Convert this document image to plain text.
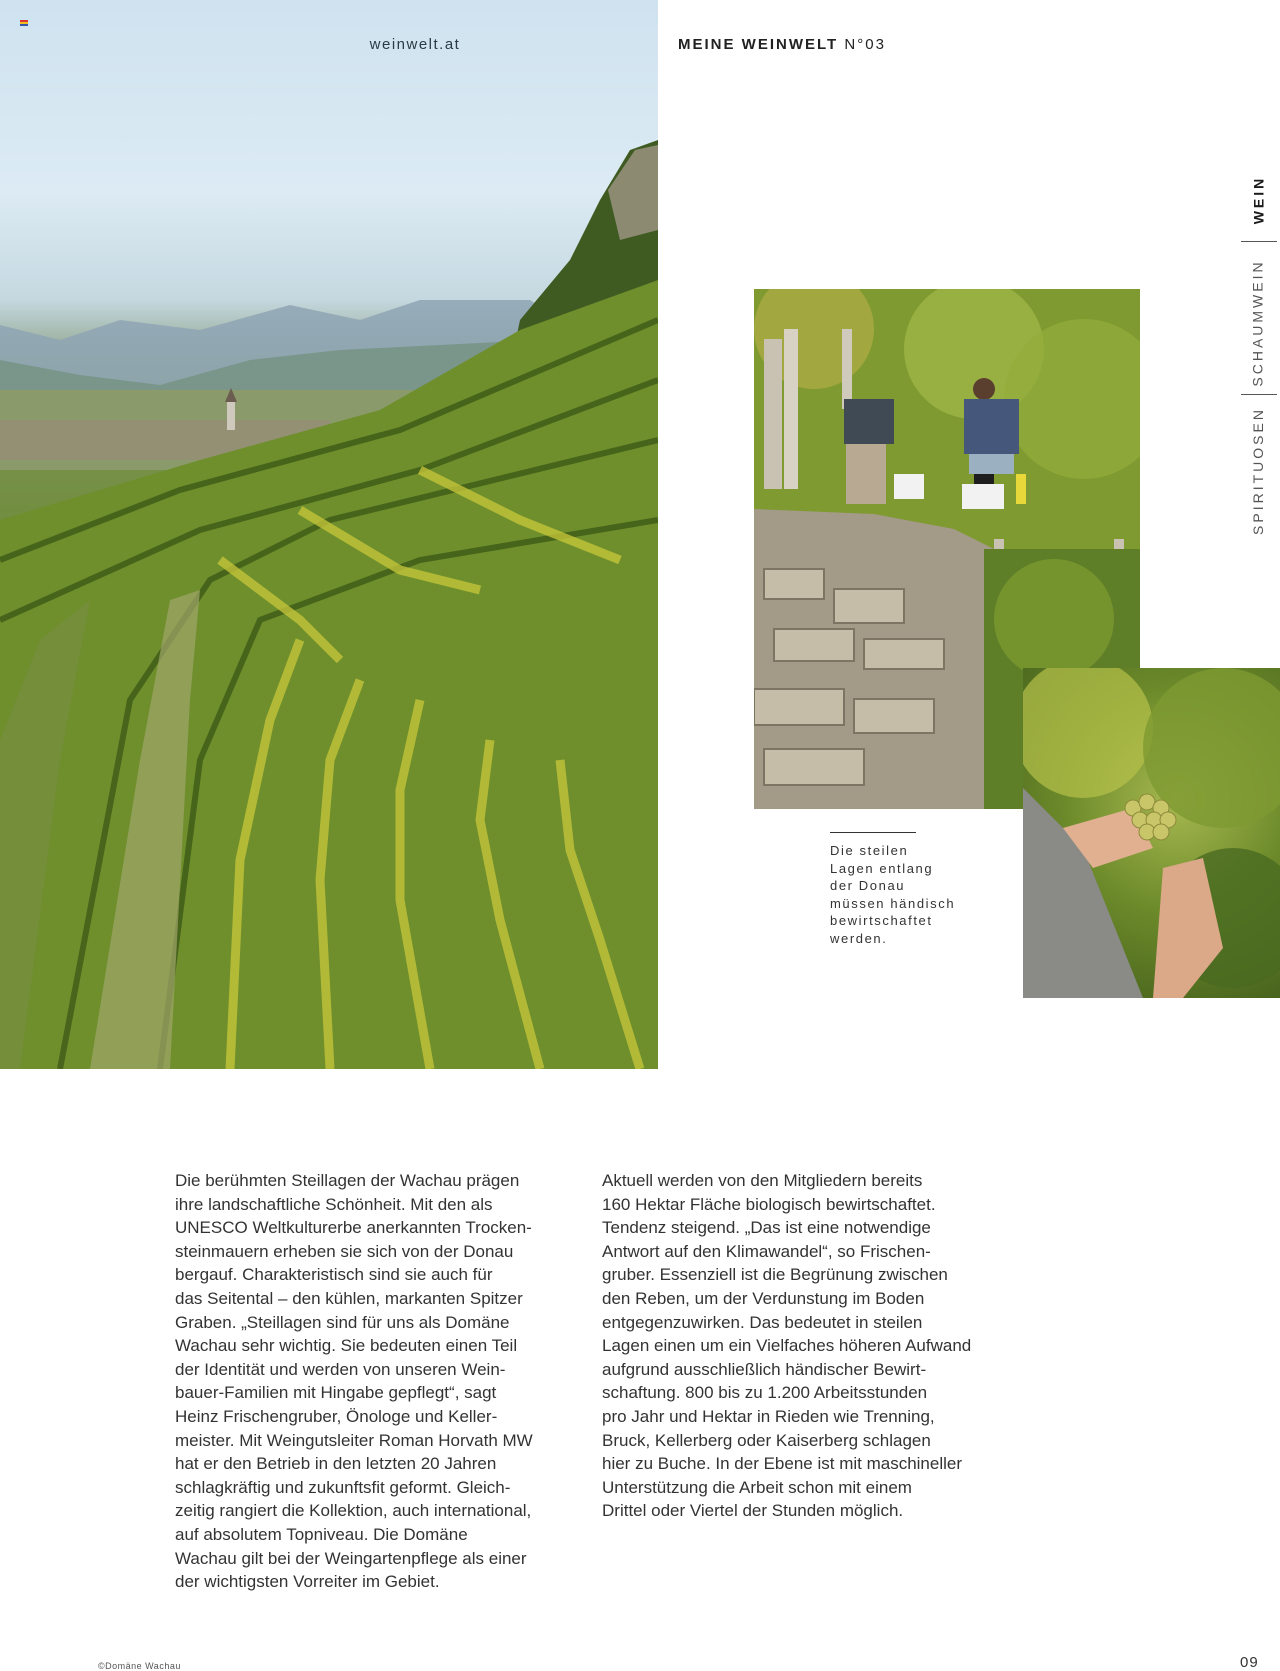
weinwelt.at	MEINE WEINWELT N°03
WEIN
SCHAUMWEIN
SPIRITUOSEN
Die steilen
Lagen entlang
der Donau
müssen händisch
bewirtschaftet
werden.
Die berühmten Steillagen der Wachau prägen
ihre landschaftliche Schönheit. Mit den als
UNESCO Weltkulturerbe anerkannten Trocken-
steinmauern erheben sie sich von der Donau
bergauf. Charakteristisch sind sie auch für
das Seitental – den kühlen, markanten Spitzer
Graben. „Steillagen sind für uns als Domäne
Wachau sehr wichtig. Sie bedeuten einen Teil
der Identität und werden von unseren Wein-
bauer-Familien mit Hingabe gepflegt“, sagt
Heinz Frischengruber, Önologe und Keller-
meister. Mit Weingutsleiter Roman Horvath MW
hat er den Betrieb in den letzten 20 Jahren
schlagkräftig und zukunftsfit geformt. Gleich-
zeitig rangiert die Kollektion, auch international,
auf absolutem Topniveau. Die Domäne
Wachau gilt bei der Weingartenpflege als einer
der wichtigsten Vorreiter im Gebiet.
Aktuell werden von den Mitgliedern bereits
160 Hektar Fläche biologisch bewirtschaftet.
Tendenz steigend. „Das ist eine notwendige
Antwort auf den Klimawandel“, so Frischen-
gruber. Essenziell ist die Begrünung zwischen
den Reben, um der Verdunstung im Boden
entgegenzuwirken. Das bedeutet in steilen
Lagen einen um ein Vielfaches höheren Aufwand
aufgrund ausschließlich händischer Bewirt-
schaftung. 800 bis zu 1.200 Arbeitsstunden
pro Jahr und Hektar in Rieden wie Trenning,
Bruck, Kellerberg oder Kaiserberg schlagen
hier zu Buche. In der Ebene ist mit maschineller
Unterstützung die Arbeit schon mit einem
Drittel oder Viertel der Stunden möglich.
©Domäne Wachau	09
